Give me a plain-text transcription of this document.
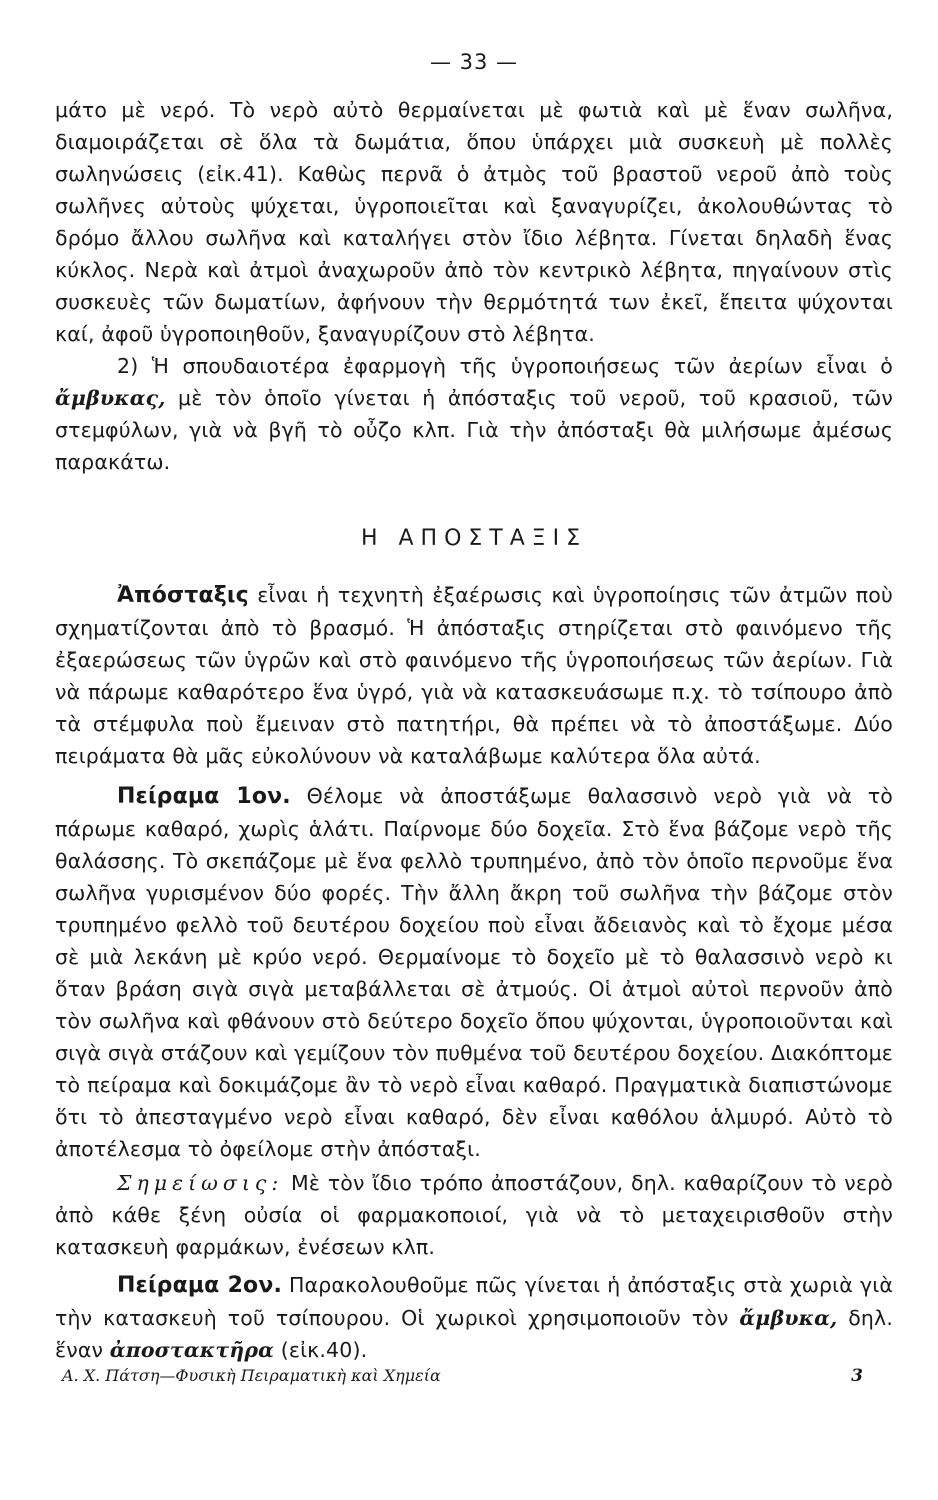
— 33 —

μάτο μὲ νερό. Τὸ νερὸ αὐτὸ θερμαίνεται μὲ φωτιὰ καὶ μὲ ἕναν σωλῆνα, διαμοιράζεται σὲ ὅλα τὰ δωμάτια, ὅπου ὑπάρχει μιὰ συσκευὴ μὲ πολλὲς σωληνώσεις (εἰκ.41). Καθὼς περνᾶ ὁ ἀτμὸς τοῦ βραστοῦ νεροῦ ἀπὸ τοὺς σωλῆνες αὐτοὺς ψύχεται, ὑγροποιεῖται καὶ ξαναγυρίζει, ἀκολουθώντας τὸ δρόμο ἄλλου σωλῆνα καὶ καταλήγει στὸν ἴδιο λέβητα. Γίνεται δηλαδὴ ἕνας κύκλος. Νερὰ καὶ ἀτμοὶ ἀναχωροῦν ἀπὸ τὸν κεντρικὸ λέβητα, πηγαίνουν στὶς συσκευὲς τῶν δωματίων, ἀφήνουν τὴν θερμότητά των ἐκεῖ, ἔπειτα ψύχονται καί, ἀφοῦ ὑγροποιηθοῦν, ξαναγυρίζουν στὸ λέβητα.

2) Ἡ σπουδαιοτέρα ἐφαρμογὴ τῆς ὑγροποιήσεως τῶν ἀερίων εἶναι ὁ ἄμβυκας, μὲ τὸν ὁποῖο γίνεται ἡ ἀπόσταξις τοῦ νεροῦ, τοῦ κρασιοῦ, τῶν στεμφύλων, γιὰ νὰ βγῆ τὸ οὖζο κλπ. Γιὰ τὴν ἀπόσταξι θὰ μιλήσωμε ἀμέσως παρακάτω.

Η ΑΠΟΣΤΑΞΙΣ

Ἀπόσταξις εἶναι ἡ τεχνητὴ ἐξαέρωσις καὶ ὑγροποίησις τῶν ἀτμῶν ποὺ σχηματίζονται ἀπὸ τὸ βρασμό. Ἡ ἀπόσταξις στηρίζεται στὸ φαινόμενο τῆς ἐξαερώσεως τῶν ὑγρῶν καὶ στὸ φαινόμενο τῆς ὑγροποιήσεως τῶν ἀερίων. Γιὰ νὰ πάρωμε καθαρότερο ἕνα ὑγρό, γιὰ νὰ κατασκευάσωμε π.χ. τὸ τσίπουρο ἀπὸ τὰ στέμφυλα ποὺ ἔμειναν στὸ πατητήρι, θὰ πρέπει νὰ τὸ ἀποστάξωμε. Δύο πειράματα θὰ μᾶς εὐκολύνουν νὰ καταλάβωμε καλύτερα ὅλα αὐτά.

Πείραμα 1ον. Θέλομε νὰ ἀποστάξωμε θαλασσινὸ νερὸ γιὰ νὰ τὸ πάρωμε καθαρό, χωρὶς ἁλάτι. Παίρνομε δύο δοχεῖα. Στὸ ἕνα βάζομε νερὸ τῆς θαλάσσης. Τὸ σκεπάζομε μὲ ἕνα φελλὸ τρυπημένο, ἀπὸ τὸν ὁποῖο περνοῦμε ἕνα σωλῆνα γυρισμένον δύο φορές. Τὴν ἄλλη ἄκρη τοῦ σωλῆνα τὴν βάζομε στὸν τρυπημένο φελλὸ τοῦ δευτέρου δοχείου ποὺ εἶναι ἄδειανὸς καὶ τὸ ἔχομε μέσα σὲ μιὰ λεκάνη μὲ κρύο νερό. Θερμαίνομε τὸ δοχεῖο μὲ τὸ θαλασσινὸ νερὸ κι ὅταν βράση σιγὰ σιγὰ μεταβάλλεται σὲ ἀτμούς. Οἱ ἀτμοὶ αὐτοὶ περνοῦν ἀπὸ τὸν σωλῆνα καὶ φθάνουν στὸ δεύτερο δοχεῖο ὅπου ψύχονται, ὑγροποιοῦνται καὶ σιγὰ σιγὰ στάζουν καὶ γεμίζουν τὸν πυθμένα τοῦ δευτέρου δοχείου. Διακόπτομε τὸ πείραμα καὶ δοκιμάζομε ἂν τὸ νερὸ εἶναι καθαρό. Πραγματικὰ διαπιστώνομε ὅτι τὸ ἀπεσταγμένο νερὸ εἶναι καθαρό, δὲν εἶναι καθόλου ἁλμυρό. Αὐτὸ τὸ ἀποτέλεσμα τὸ ὀφείλομε στὴν ἀπόσταξι.

Σημείωσις: Μὲ τὸν ἴδιο τρόπο ἀποστάζουν, δηλ. καθαρίζουν τὸ νερὸ ἀπὸ κάθε ξένη οὐσία οἱ φαρμακοποιοί, γιὰ νὰ τὸ μεταχειρισθοῦν στὴν κατασκευὴ φαρμάκων, ἐνέσεων κλπ.

Πείραμα 2ον. Παρακολουθοῦμε πῶς γίνεται ἡ ἀπόσταξις στὰ χωριὰ γιὰ τὴν κατασκευὴ τοῦ τσίπουρου. Οἱ χωρικοὶ χρησιμοποιοῦν τὸν ἄμβυκα, δηλ. ἕναν ἀποστακτῆρα (εἰκ.40).

Α. Χ. Πάτση—Φυσικὴ Πειραματικὴ καὶ Χημεία	3
